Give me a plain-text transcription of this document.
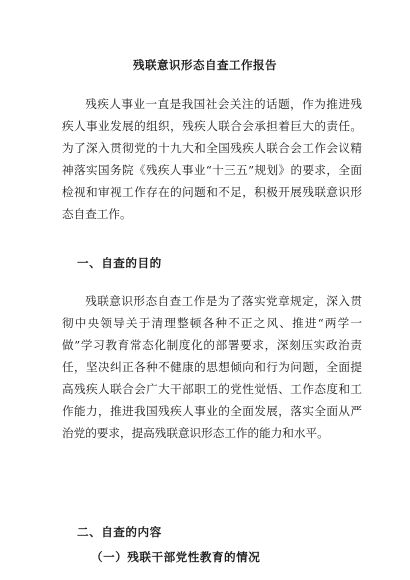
残联意识形态自查工作报告

残疾人事业一直是我国社会关注的话题，作为推进残疾人事业发展的组织，残疾人联合会承担着巨大的责任。为了深入贯彻党的十九大和全国残疾人联合会工作会议精神落实国务院《残疾人事业“十三五”规划》的要求，全面检视和审视工作存在的问题和不足，积极开展残联意识形态自查工作。

一、自查的目的

残联意识形态自查工作是为了落实党章规定，深入贯彻中央领导关于清理整顿各种不正之风、推进“两学一做”学习教育常态化制度化的部署要求，深刻压实政治责任，坚决纠正各种不健康的思想倾向和行为问题，全面提高残疾人联合会广大干部职工的党性觉悟、工作态度和工作能力，推进我国残疾人事业的全面发展，落实全面从严治党的要求，提高残联意识形态工作的能力和水平。

二、自查的内容
（一）残联干部党性教育的情况
